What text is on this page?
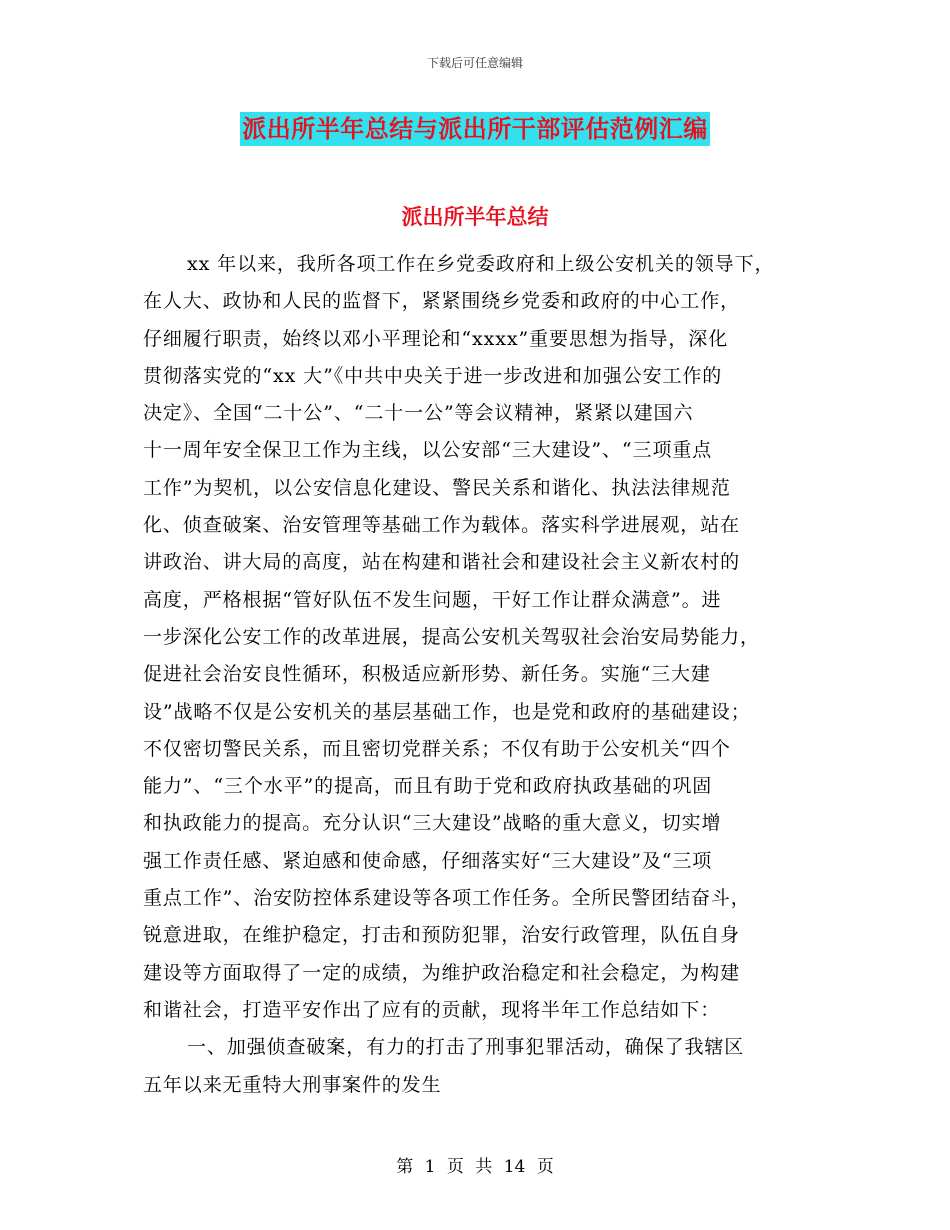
下载后可任意编辑
派出所半年总结与派出所干部评估范例汇编
派出所半年总结
xx 年以来，我所各项工作在乡党委政府和上级公安机关的领导下，
在人大、政协和人民的监督下，紧紧围绕乡党委和政府的中心工作，
仔细履行职责，始终以邓小平理论和“xxxx”重要思想为指导，深化
贯彻落实党的“xx 大”《中共中央关于进一步改进和加强公安工作的
决定》、全国“二十公”、“二十一公”等会议精神，紧紧以建国六
十一周年安全保卫工作为主线，以公安部“三大建设”、“三项重点
工作”为契机，以公安信息化建设、警民关系和谐化、执法法律规范
化、侦查破案、治安管理等基础工作为载体。落实科学进展观，站在
讲政治、讲大局的高度，站在构建和谐社会和建设社会主义新农村的
高度，严格根据“管好队伍不发生问题，干好工作让群众满意”。进
一步深化公安工作的改革进展，提高公安机关驾驭社会治安局势能力，
促进社会治安良性循环，积极适应新形势、新任务。实施“三大建
设”战略不仅是公安机关的基层基础工作，也是党和政府的基础建设；
不仅密切警民关系，而且密切党群关系；不仅有助于公安机关“四个
能力”、“三个水平”的提高，而且有助于党和政府执政基础的巩固
和执政能力的提高。充分认识“三大建设”战略的重大意义，切实增
强工作责任感、紧迫感和使命感，仔细落实好“三大建设”及“三项
重点工作”、治安防控体系建设等各项工作任务。全所民警团结奋斗，
锐意进取，在维护稳定，打击和预防犯罪，治安行政管理，队伍自身
建设等方面取得了一定的成绩，为维护政治稳定和社会稳定，为构建
和谐社会，打造平安作出了应有的贡献，现将半年工作总结如下：
一、加强侦查破案，有力的打击了刑事犯罪活动，确保了我辖区
五年以来无重特大刑事案件的发生
第 1 页 共 14 页
